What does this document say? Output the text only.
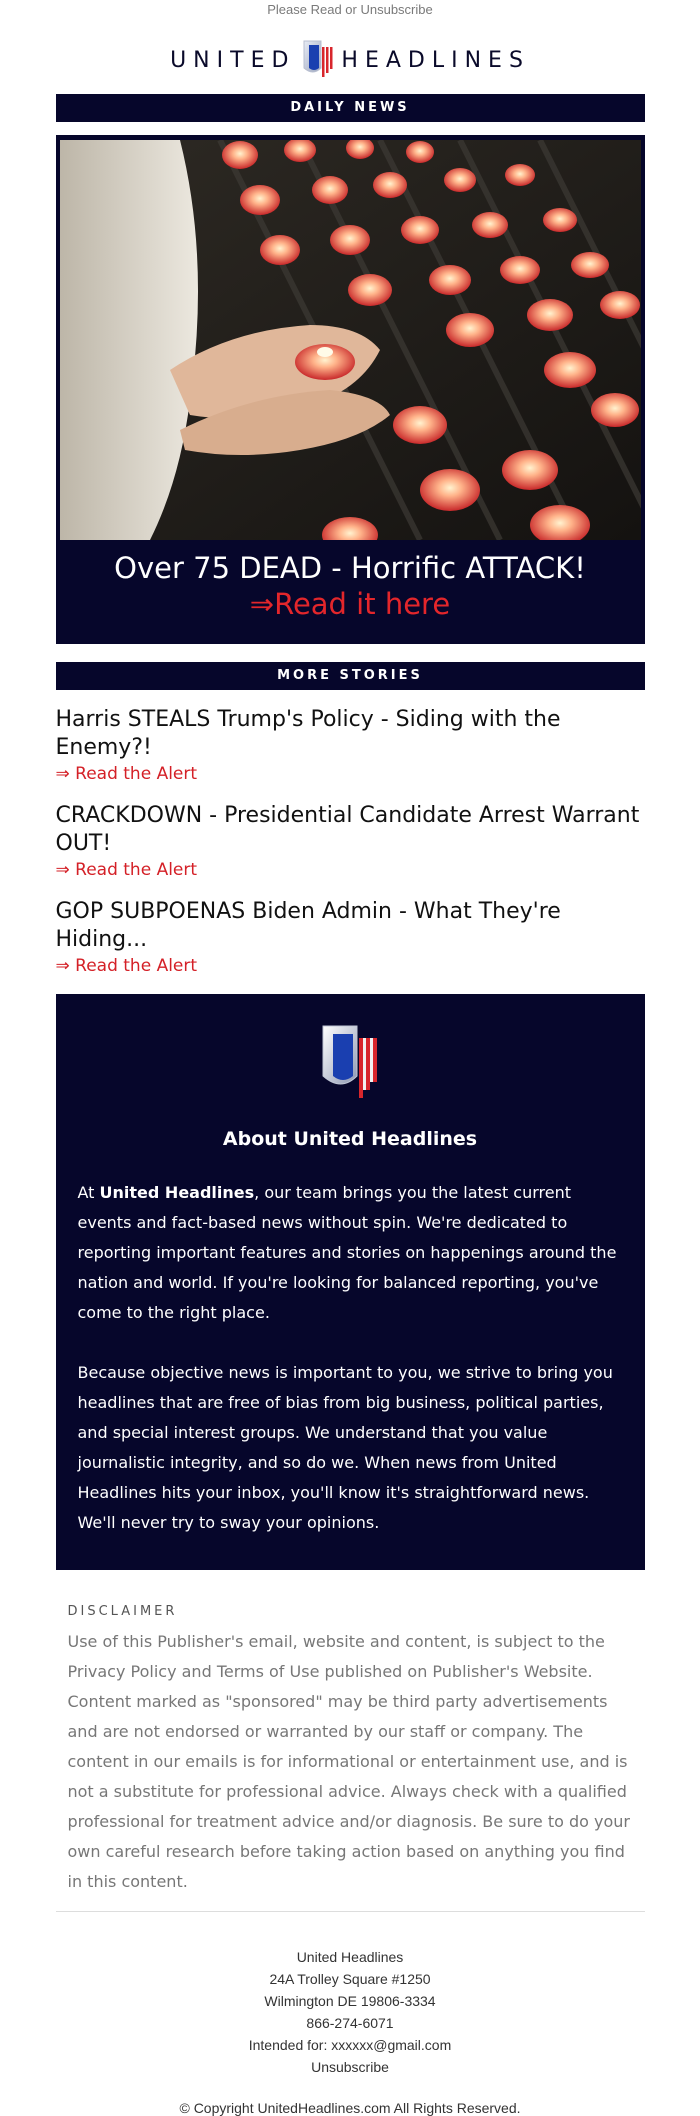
Please Read or Unsubscribe
UNITED HEADLINES
DAILY NEWS
Over 75 DEAD - Horrific ATTACK!
⇒Read it here
MORE STORIES
Harris STEALS Trump's Policy - Siding with the Enemy?!
⇒ Read the Alert
CRACKDOWN - Presidential Candidate Arrest Warrant OUT!
⇒ Read the Alert
GOP SUBPOENAS Biden Admin - What They're Hiding...
⇒ Read the Alert
About United Headlines

At United Headlines, our team brings you the latest current events and fact-based news without spin. We're dedicated to reporting important features and stories on happenings around the nation and world. If you're looking for balanced reporting, you've come to the right place.

Because objective news is important to you, we strive to bring you headlines that are free of bias from big business, political parties, and special interest groups. We understand that you value journalistic integrity, and so do we. When news from United Headlines hits your inbox, you'll know it's straightforward news. We'll never try to sway your opinions.

DISCLAIMER
Use of this Publisher's email, website and content, is subject to the Privacy Policy and Terms of Use published on Publisher's Website. Content marked as "sponsored" may be third party advertisements and are not endorsed or warranted by our staff or company. The content in our emails is for informational or entertainment use, and is not a substitute for professional advice. Always check with a qualified professional for treatment advice and/or diagnosis. Be sure to do your own careful research before taking action based on anything you find in this content.
United Headlines
24A Trolley Square #1250
Wilmington DE 19806-3334
866-274-6071
Intended for: xxxxxx@gmail.com
Unsubscribe
© Copyright UnitedHeadlines.com All Rights Reserved.
